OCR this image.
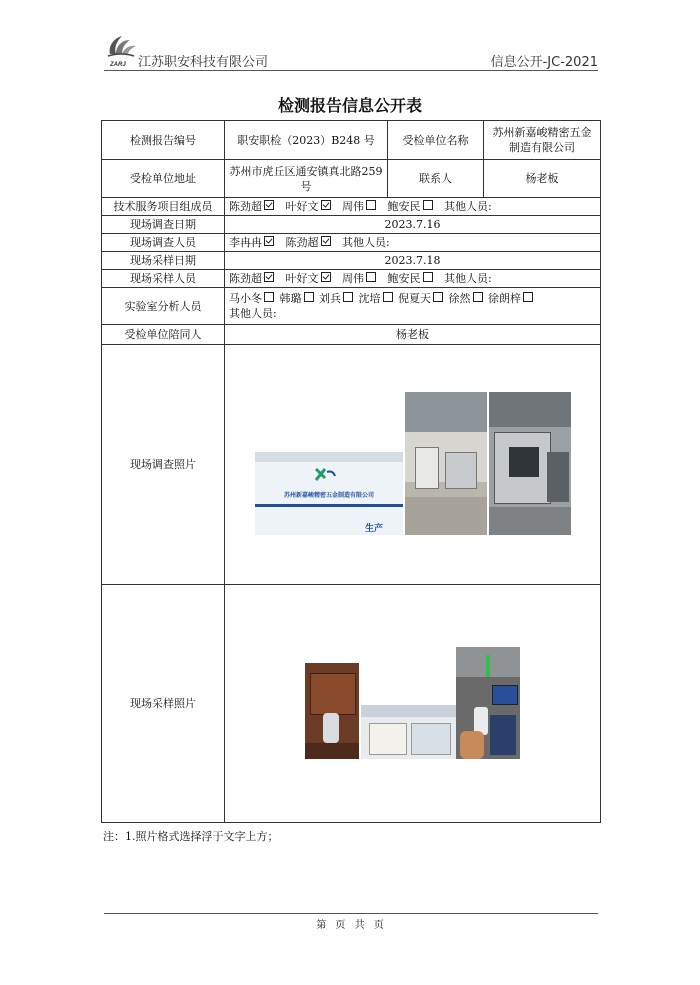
ZARJ 江苏职安科技有限公司	信息公开-JC-2021
检测报告信息公开表
检测报告编号	职安职检（2023）B248 号	受检单位名称	苏州新嘉峻精密五金制造有限公司
受检单位地址	苏州市虎丘区通安镇真北路259号	联系人	杨老板
技术服务项目组成员	陈劲超 叶好文 周伟 鲍安民 其他人员:		
现场调查日期	2023.7.16		
现场调查人员	李冉冉 陈劲超 其他人员:		
现场采样日期	2023.7.18		
现场采样人员	陈劲超 叶好文 周伟 鲍安民 其他人员:		
实验室分析人员	马小冬 韩璐 刘兵 沈培 倪夏天 徐然 徐朗梓
其他人员:		

受检单位陪同人	杨老板		
现场调查照片	苏州新嘉峻精密五金制造有限公司
生产		

现场采样照片			
注：1.照片格式选择浮于文字上方；
第 页 共 页
